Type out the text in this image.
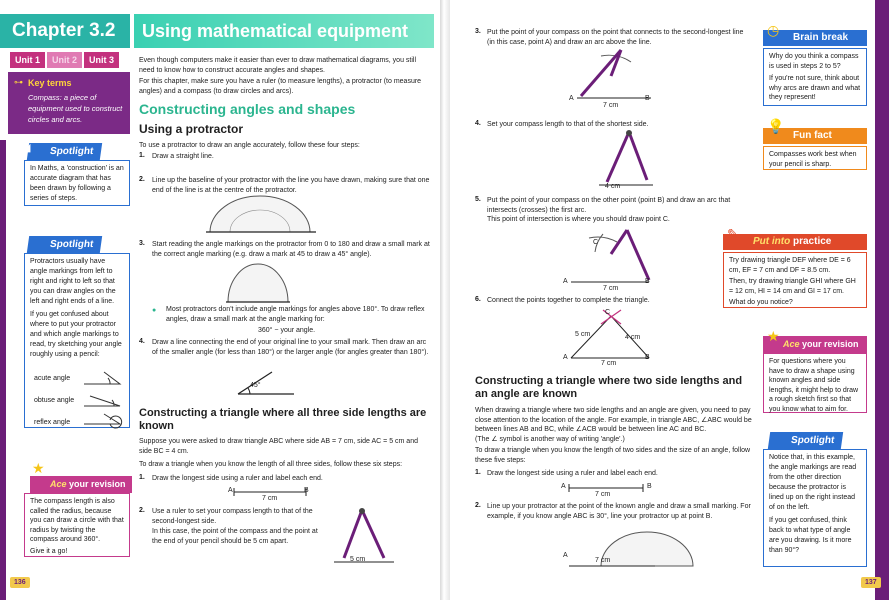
Chapter 3.2	Using mathematical equipment
Unit 1	Unit 2	Unit 3
⊶ Key terms
Compass: a piece of equipment used to construct circles and arcs.
Spotlight
◢
In Maths, a 'construction' is an accurate diagram that has been drawn by following a series of steps.
Spotlight
Protractors usually have angle markings from left to right and right to left so that you can draw angles on the left and right ends of a line.
If you get confused about where to put your protractor and which angle markings to read, try sketching your angle roughly using a pencil:
acute angle
obtuse angle
reflex angle
Ace your revision
★
The compass length is also called the radius, because you can draw a circle with that radius by twisting the compass around 360°.
Give it a go!
136
Even though computers make it easier than ever to draw mathematical diagrams, you still need to know how to construct accurate angles and shapes.
For this chapter, make sure you have a ruler (to measure lengths), a protractor (to measure angles) and a compass (to draw circles and arcs).
Constructing angles and shapes
Using a protractor
To use a protractor to draw an angle accurately, follow these four steps:
1. Draw a straight line.
2. Line up the baseline of your protractor with the line you have drawn, making sure that one end of the line is at the centre of the protractor.
3. Start reading the angle markings on the protractor from 0 to 180 and draw a small mark at the correct angle marking (e.g. draw a mark at 45 to draw a 45° angle).
● Most protractors don't include angle markings for angles above 180°. To draw reflex angles, draw a small mark at the angle marking for:
360° − your angle.
4. Draw a line connecting the end of your original line to your small mark. Then draw an arc of the smaller angle (for less than 180°) or the larger angle (for angles greater than 180°).
45°
Constructing a triangle where all three side lengths are known
Suppose you were asked to draw triangle ABC where side AB = 7 cm, side AC = 5 cm and side BC = 4 cm.
To draw a triangle when you know the length of all three sides, follow these six steps:
1. Draw the longest side using a ruler and label each end.
A	B
7 cm
2. Use a ruler to set your compass length to that of the second-longest side.
In this case, the point of the compass and the point at the end of your pencil should be 5 cm apart.
5 cm
3. Put the point of your compass on the point that connects to the second-longest line (in this case, point A) and draw an arc above the line.
A	B
7 cm
4. Set your compass length to that of the shortest side.
4 cm
5. Put the point of your compass on the other point (point B) and draw an arc that intersects (crosses) the first arc.
This point of intersection is where you should draw point C.
C
A	B
7 cm
6. Connect the points together to complete the triangle.
C
5 cm	4 cm
A	B
7 cm
Constructing a triangle where two side lengths and an angle are known
When drawing a triangle where two side lengths and an angle are given, you need to pay close attention to the location of the angle. For example, in triangle ABC, ∠ABC would be between lines AB and BC, while ∠ACB would be between line AC and BC.
(The ∠ symbol is another way of writing 'angle'.)
To draw a triangle when you know the length of two sides and the size of an angle, follow these five steps:
1. Draw the longest side using a ruler and label each end.
A	B
7 cm
2. Line up your protractor at the point of the known angle and draw a small marking. For example, if you know angle ABC is 30°, line your protractor up at point B.
A
7 cm
Brain break
◷
Why do you think a compass is used in steps 2 to 5?
If you're not sure, think about why arcs are drawn and what they represent!
Fun fact
💡
Compasses work best when your pencil is sharp.
Put into practice
✎
Try drawing triangle DEF where DE = 6 cm, EF = 7 cm and DF = 8.5 cm.
Then, try drawing triangle GHI where GH = 12 cm, HI = 14 cm and GI = 17 cm.
What do you notice?
Ace your revision
★
For questions where you have to draw a shape using known angles and side lengths, it might help to draw a rough sketch first so that you know what to aim for.
Spotlight
Notice that, in this example, the angle markings are read from the other direction because the protractor is lined up on the right instead of on the left.
If you get confused, think back to what type of angle are you drawing. Is it more than 90°?
137
